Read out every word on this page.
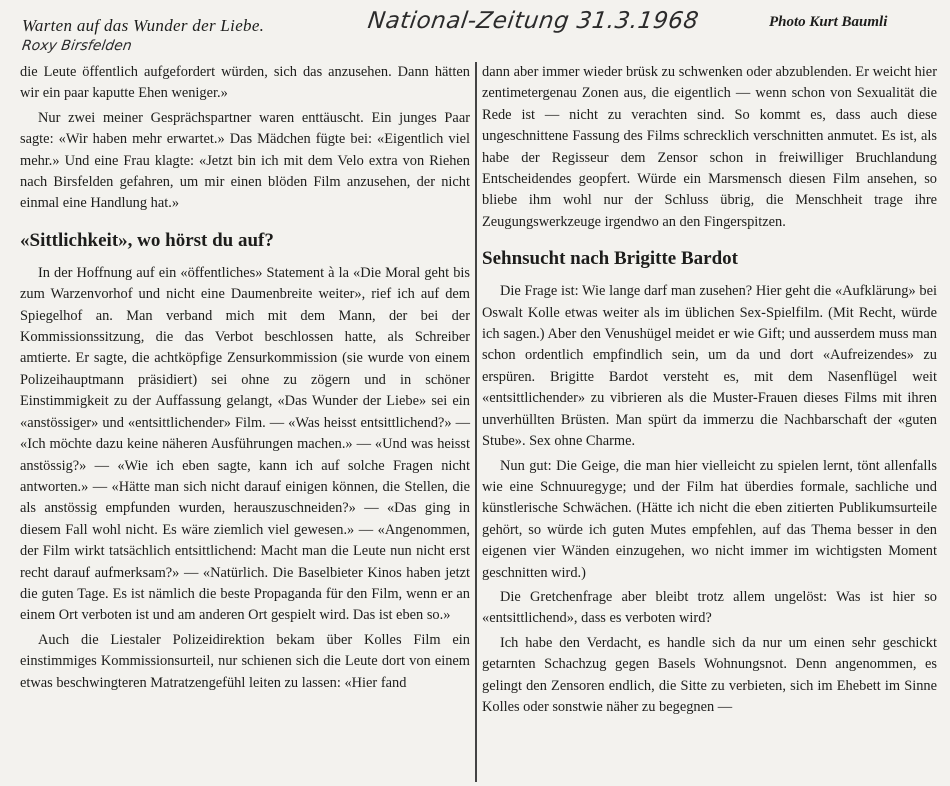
Warten auf das Wunder der Liebe.
Roxy Birsfelden
National-Zeitung 31.3.1968	Photo Kurt Baumli

die Leute öffentlich aufgefordert würden, sich das anzusehen. Dann hätten wir ein paar kaputte Ehen weniger.»

Nur zwei meiner Gesprächspartner waren enttäuscht. Ein junges Paar sagte: «Wir haben mehr erwartet.» Das Mädchen fügte bei: «Eigentlich viel mehr.» Und eine Frau klagte: «Jetzt bin ich mit dem Velo extra von Riehen nach Birsfelden gefahren, um mir einen blöden Film anzusehen, der nicht einmal eine Handlung hat.»

«Sittlichkeit», wo hörst du auf?

In der Hoffnung auf ein «öffentliches» Statement à la «Die Moral geht bis zum Warzenvorhof und nicht eine Daumenbreite weiter», rief ich auf dem Spiegelhof an. Man verband mich mit dem Mann, der bei der Kommissionssitzung, die das Verbot beschlossen hatte, als Schreiber amtierte. Er sagte, die achtköpfige Zensurkommission (sie wurde von einem Polizeihauptmann präsidiert) sei ohne zu zögern und in schöner Einstimmigkeit zu der Auffassung gelangt, «Das Wunder der Liebe» sei ein «anstössiger» und «entsittlichender» Film. — «Was heisst entsittlichend?» — «Ich möchte dazu keine näheren Ausführungen machen.» — «Und was heisst anstössig?» — «Wie ich eben sagte, kann ich auf solche Fragen nicht antworten.» — «Hätte man sich nicht darauf einigen können, die Stellen, die als anstössig empfunden wurden, herauszuschneiden?» — «Das ging in diesem Fall wohl nicht. Es wäre ziemlich viel gewesen.» — «Angenommen, der Film wirkt tatsächlich entsittlichend: Macht man die Leute nun nicht erst recht darauf aufmerksam?» — «Natürlich. Die Baselbieter Kinos haben jetzt die guten Tage. Es ist nämlich die beste Propaganda für den Film, wenn er an einem Ort verboten ist und am anderen Ort gespielt wird. Das ist eben so.»

Auch die Liestaler Polizeidirektion bekam über Kolles Film ein einstimmiges Kommissionsurteil, nur schienen sich die Leute dort von einem etwas beschwingteren Matratzengefühl leiten zu lassen: «Hier fand

dann aber immer wieder brüsk zu schwenken oder abzublenden. Er weicht hier zentimetergenau Zonen aus, die eigentlich — wenn schon von Sexualität die Rede ist — nicht zu verachten sind. So kommt es, dass auch diese ungeschnittene Fassung des Films schrecklich verschnitten anmutet. Es ist, als habe der Regisseur dem Zensor schon in freiwilliger Bruchlandung Entscheidendes geopfert. Würde ein Marsmensch diesen Film ansehen, so bliebe ihm wohl nur der Schluss übrig, die Menschheit trage ihre Zeugungswerkzeuge irgendwo an den Fingerspitzen.

Sehnsucht nach Brigitte Bardot

Die Frage ist: Wie lange darf man zusehen? Hier geht die «Aufklärung» bei Oswalt Kolle etwas weiter als im üblichen Sex-Spielfilm. (Mit Recht, würde ich sagen.) Aber den Venushügel meidet er wie Gift; und ausserdem muss man schon ordentlich empfindlich sein, um da und dort «Aufreizendes» zu erspüren. Brigitte Bardot versteht es, mit dem Nasenflügel weit «entsittlichender» zu vibrieren als die Muster-Frauen dieses Films mit ihren unverhüllten Brüsten. Man spürt da immerzu die Nachbarschaft der «guten Stube». Sex ohne Charme.

Nun gut: Die Geige, die man hier vielleicht zu spielen lernt, tönt allenfalls wie eine Schnuuregyge; und der Film hat überdies formale, sachliche und künstlerische Schwächen. (Hätte ich nicht die eben zitierten Publikumsurteile gehört, so würde ich guten Mutes empfehlen, auf das Thema besser in den eigenen vier Wänden einzugehen, wo nicht immer im wichtigsten Moment geschnitten wird.)

Die Gretchenfrage aber bleibt trotz allem ungelöst: Was ist hier so «entsittlichend», dass es verboten wird?

Ich habe den Verdacht, es handle sich da nur um einen sehr geschickt getarnten Schachzug gegen Basels Wohnungsnot. Denn angenommen, es gelingt den Zensoren endlich, die Sitte zu verbieten, sich im Ehebett im Sinne Kolles oder sonstwie näher zu begegnen —
